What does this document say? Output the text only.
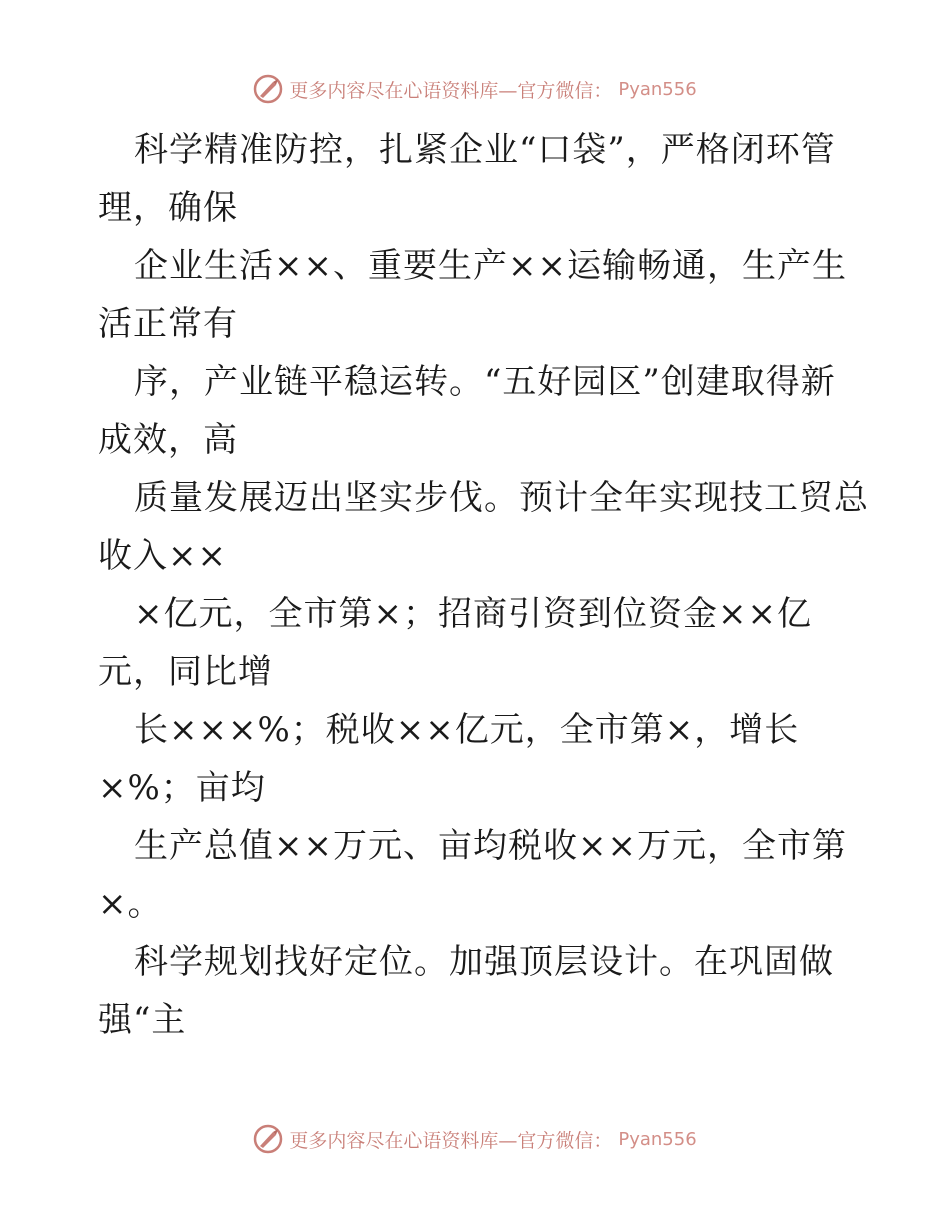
更多内容尽在心语资料库—官方微信： Pyan556
科学精准防控，扎紧企业“口袋”，严格闭环管
理，确保
企业生活××、重要生产××运输畅通，生产生
活正常有
序，产业链平稳运转。“五好园区”创建取得新
成效，高
质量发展迈出坚实步伐。预计全年实现技工贸总
收入××
×亿元，全市第×；招商引资到位资金××亿
元，同比增
长×××%；税收××亿元，全市第×，增长
×%；亩均
生产总值××万元、亩均税收××万元，全市第
×。
科学规划找好定位。加强顶层设计。在巩固做
强“主
更多内容尽在心语资料库—官方微信： Pyan556
